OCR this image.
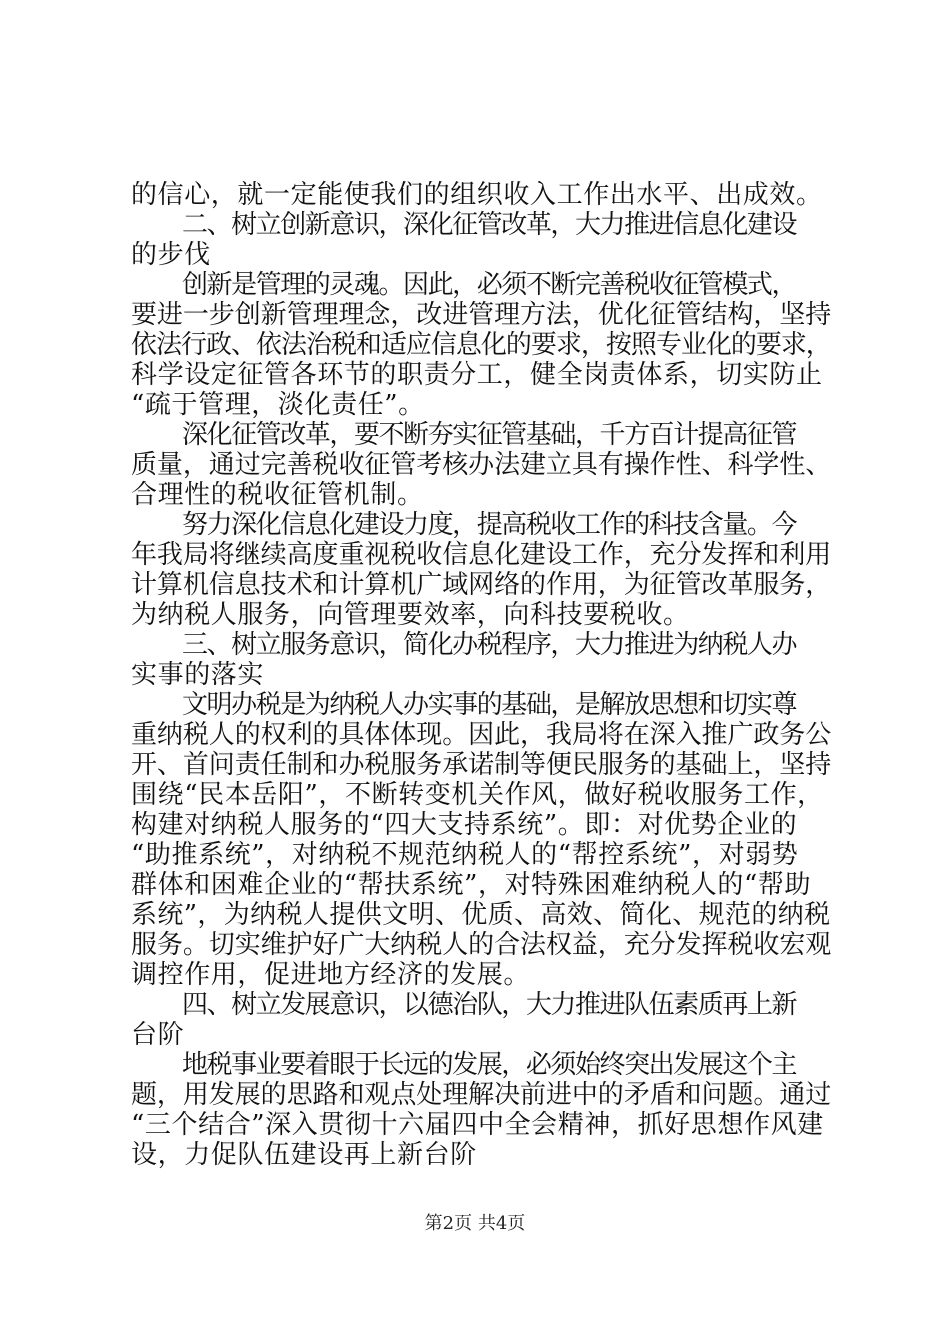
的信心，就一定能使我们的组织收入工作出水平、出成效。
二、树立创新意识，深化征管改革，大力推进信息化建设
的步伐
创新是管理的灵魂。因此，必须不断完善税收征管模式，
要进一步创新管理理念，改进管理方法，优化征管结构，坚持
依法行政、依法治税和适应信息化的要求，按照专业化的要求，
科学设定征管各环节的职责分工，健全岗责体系，切实防止
“疏于管理，淡化责任”。
深化征管改革，要不断夯实征管基础，千方百计提高征管
质量，通过完善税收征管考核办法建立具有操作性、科学性、
合理性的税收征管机制。
努力深化信息化建设力度，提高税收工作的科技含量。今
年我局将继续高度重视税收信息化建设工作，充分发挥和利用
计算机信息技术和计算机广域网络的作用，为征管改革服务，
为纳税人服务，向管理要效率，向科技要税收。
三、树立服务意识，简化办税程序，大力推进为纳税人办
实事的落实
文明办税是为纳税人办实事的基础，是解放思想和切实尊
重纳税人的权利的具体体现。因此，我局将在深入推广政务公
开、首问责任制和办税服务承诺制等便民服务的基础上，坚持
围绕“民本岳阳”，不断转变机关作风，做好税收服务工作，
构建对纳税人服务的“四大支持系统”。即：对优势企业的
“助推系统”，对纳税不规范纳税人的“帮控系统”，对弱势
群体和困难企业的“帮扶系统”，对特殊困难纳税人的“帮助
系统”，为纳税人提供文明、优质、高效、简化、规范的纳税
服务。切实维护好广大纳税人的合法权益，充分发挥税收宏观
调控作用，促进地方经济的发展。
四、树立发展意识，以德治队，大力推进队伍素质再上新
台阶
地税事业要着眼于长远的发展，必须始终突出发展这个主
题，用发展的思路和观点处理解决前进中的矛盾和问题。通过
“三个结合”深入贯彻十六届四中全会精神，抓好思想作风建
设，力促队伍建设再上新台阶
第2页 共4页
